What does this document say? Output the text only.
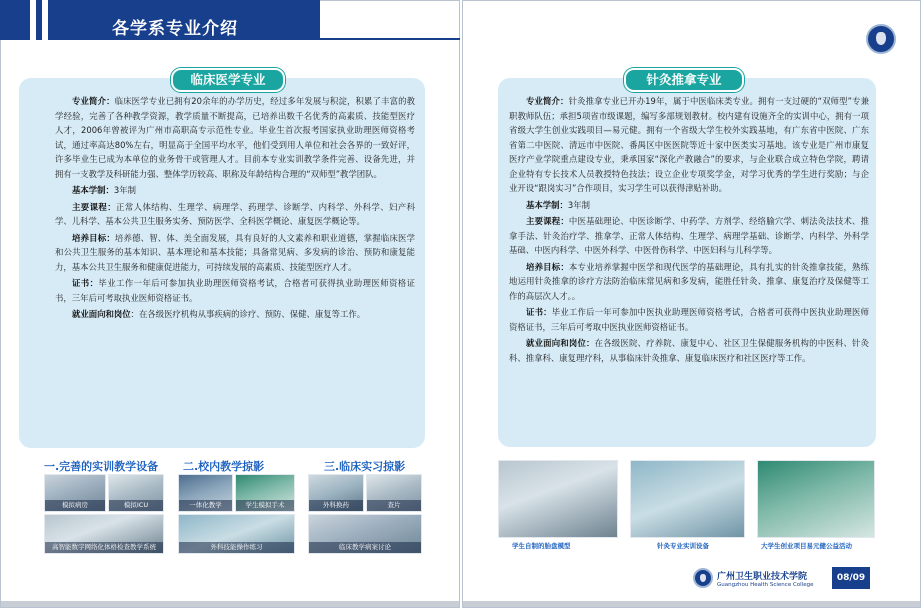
各学系专业介绍
临床医学专业

专业简介：临床医学专业已拥有20余年的办学历史，经过多年发展与积淀，积累了丰富的教学经验，完善了各种教学资源，教学质量不断提高，已培养出数千名优秀的高素质、技能型医疗人才，2006年曾被评为广州市高职高专示范性专业。毕业生首次报考国家执业助理医师资格考试，通过率高达80%左右，明显高于全国平均水平，他们受到用人单位和社会各界的一致好评，许多毕业生已成为本单位的业务骨干或管理人才。目前本专业实训教学条件完善、设备先进，并拥有一支教学及科研能力强、整体学历较高、职称及年龄结构合理的“双师型”教学团队。

基本学制：3年制

主要课程：正常人体结构、生理学、病理学、药理学、诊断学、内科学、外科学、妇产科学、儿科学、基本公共卫生服务实务、预防医学、全科医学概论、康复医学概论等。

培养目标：培养德、智、体、美全面发展，具有良好的人文素养和职业道德，掌握临床医学和公共卫生服务的基本知识、基本理论和基本技能；具备常见病、多发病的诊治、预防和康复能力，基本公共卫生服务和健康促进能力，可持续发展的高素质、技能型医疗人才。

证书：毕业工作一年后可参加执业助理医师资格考试，合格者可获得执业助理医师资格证书，三年后可考取执业医师资格证书。

就业面向和岗位：在各级医疗机构从事疾病的诊疗、预防、保健、康复等工作。

一.完善的实训教学设备 二.校内教学掠影	三.临床实习掠影
模拟病房	模拟ICU
高智能数字网络化体格检查教学系统
一体化教学	学生模拟手术
外科技能操作练习
外科换药	查片
临床教学病案讨论
针灸推拿专业

专业简介：针灸推拿专业已开办19年，属于中医临床类专业。拥有一支过硬的“双师型”专兼职教师队伍；承担5项省市级课题，编写多部规划教材。校内建有设施齐全的实训中心，拥有一项省级大学生创业实践项目—易元健。拥有一个省级大学生校外实践基地，有广东省中医院、广东省第二中医院、清远市中医院、番禺区中医医院等近十家中医类实习基地。该专业是广州市康复医疗产业学院重点建设专业，秉承国家“深化产教融合”的要求，与企业联合成立特色学院，聘请企业特有专长技术人员教授特色技法；设立企业专项奖学金，对学习优秀的学生进行奖励；与企业开设“跟岗实习”合作项目，实习学生可以获得津贴补助。

基本学制：3年制

主要课程：中医基础理论、中医诊断学、中药学、方剂学、经络腧穴学、刺法灸法技术、推拿手法、针灸治疗学、推拿学、正常人体结构、生理学、病理学基础、诊断学、内科学、外科学基础、中医内科学、中医外科学、中医骨伤科学、中医妇科与儿科学等。

培养目标：本专业培养掌握中医学和现代医学的基础理论，具有扎实的针灸推拿技能，熟练地运用针灸推拿的诊疗方法防治临床常见病和多发病，能胜任针灸、推拿、康复治疗及保健等工作的高层次人才。。

证书：毕业工作后一年可参加中医执业助理医师资格考试，合格者可获得中医执业助理医师资格证书，三年后可考取中医执业医师资格证书。

就业面向和岗位：在各级医院、疗养院、康复中心、社区卫生保健服务机构的中医科、针灸科、推拿科、康复理疗科，从事临床针灸推拿、康复临床医疗和社区医疗等工作。

学生自制的胎盘模型	针灸专业实训设备	大学生创业项目易元健公益活动
广州卫生职业技术学院
Guangzhou Health Science College
08/09
